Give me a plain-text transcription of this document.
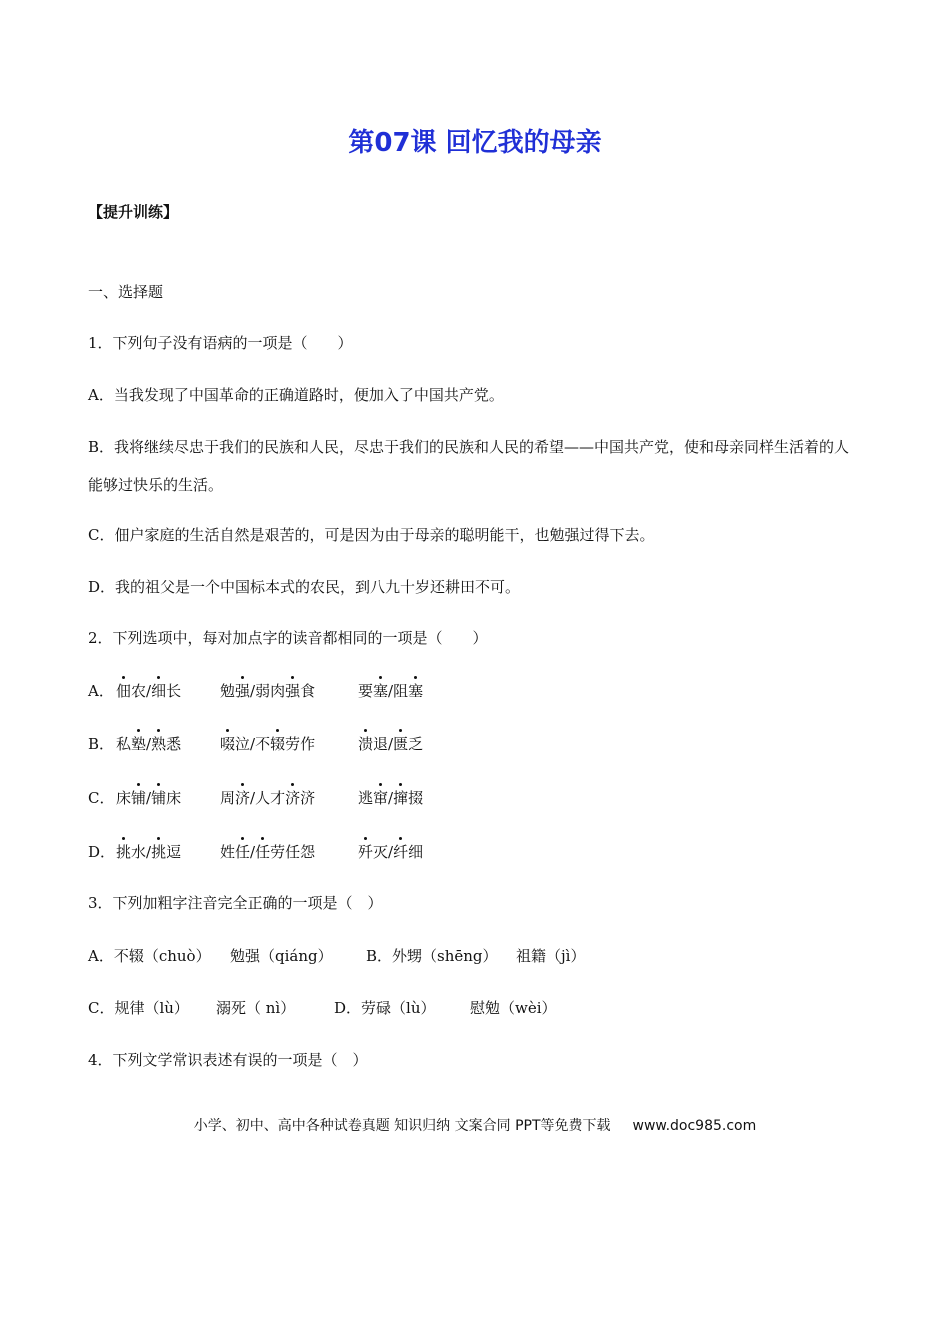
第07课 回忆我的母亲

【提升训练】

一、选择题

1．下列句子没有语病的一项是（　　）

A．当我发现了中国革命的正确道路时，便加入了中国共产党。

B．我将继续尽忠于我们的民族和人民，尽忠于我们的民族和人民的希望——中国共产党，使和母亲同样生活着的人能够过快乐的生活。

C．佃户家庭的生活自然是艰苦的，可是因为由于母亲的聪明能干，也勉强过得下去。

D．我的祖父是一个中国标本式的农民，到八九十岁还耕田不可。

2．下列选项中，每对加点字的读音都相同的一项是（　　）

A． 佃农/细长	勉强/弱肉强食	要塞/阻塞
B． 私塾/熟悉	啜泣/不辍劳作	溃退/匮乏
C． 床铺/铺床	周济/人才济济	逃窜/撺掇
D． 挑水/挑逗	姓任/任劳任怨	歼灭/纤细

3．下列加粗字注音完全正确的一项是（　）

A．不辍（chuò） 勉强（qiáng） B．外甥（shēng） 祖籍（jì）
C．规律（lù） 溺死（ nì）	D．劳碌（lù） 慰勉（wèi）

4．下列文学常识表述有误的一项是（　）

小学、初中、高中各种试卷真题 知识归纳 文案合同 PPT等免费下载 www.doc985.com
